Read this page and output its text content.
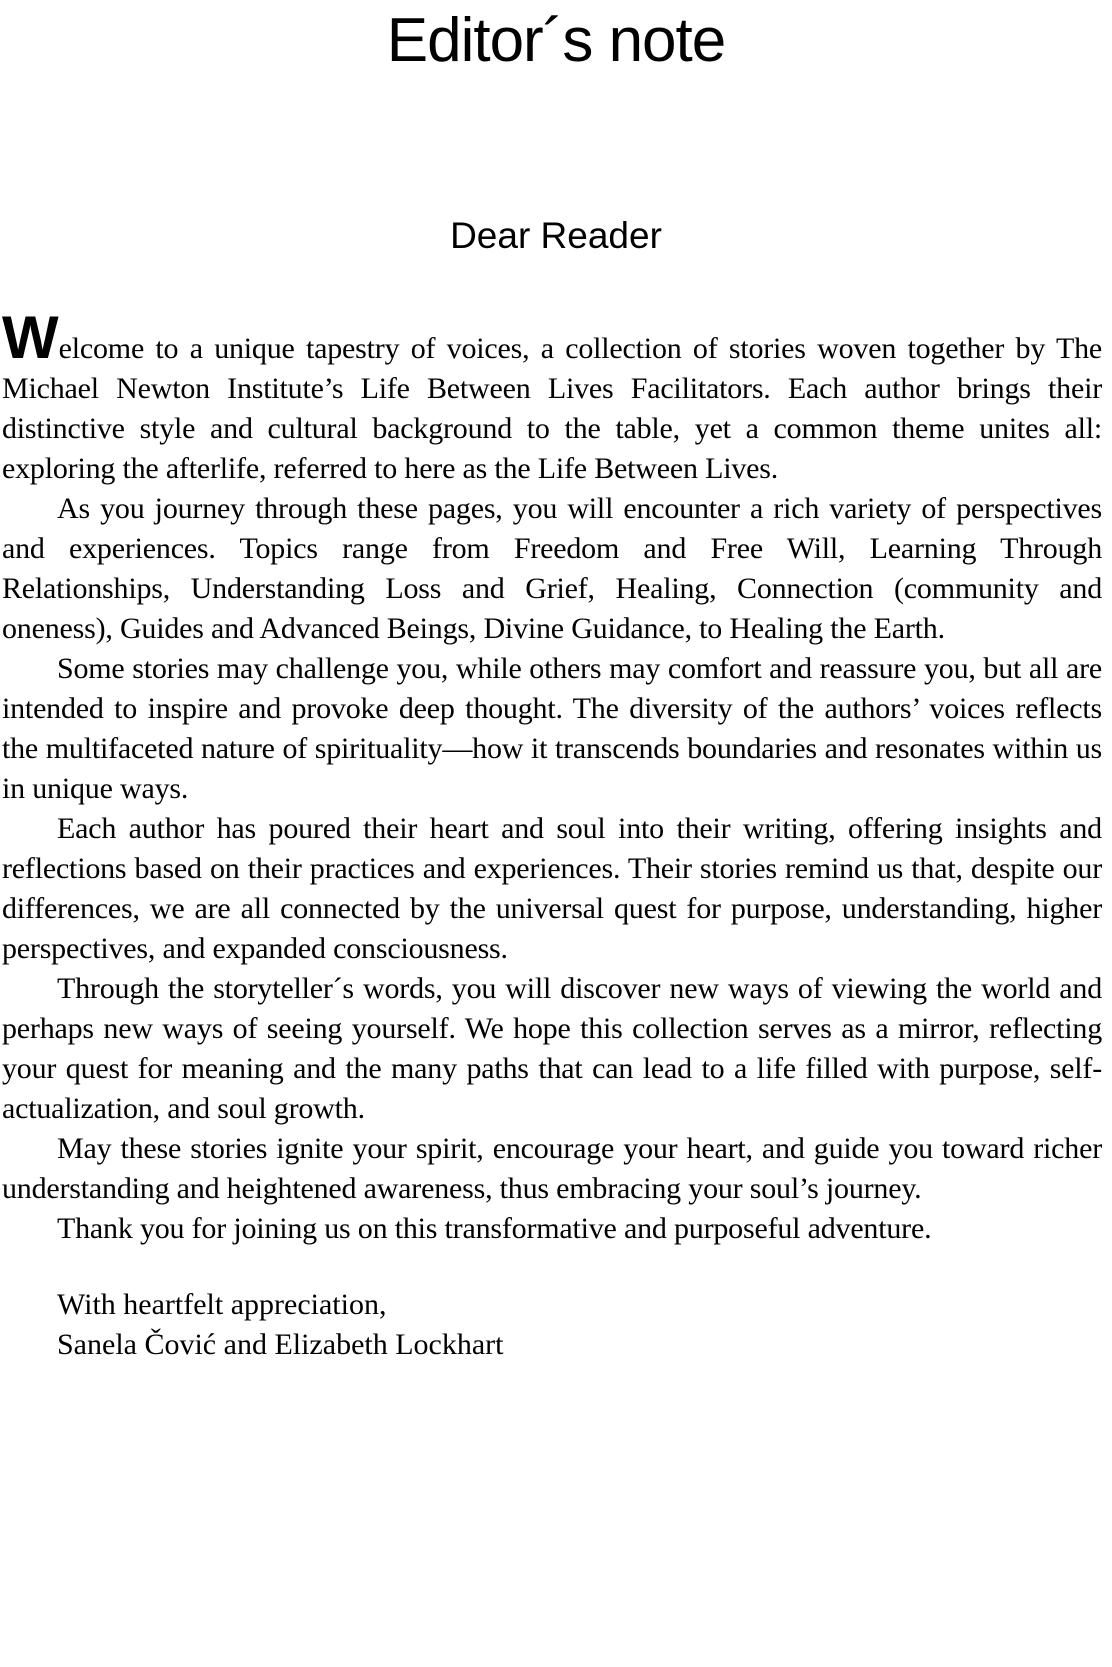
Editor´s note
Dear Reader

Welcome to a unique tapestry of voices, a collection of stories woven together by The Michael Newton Institute’s Life Between Lives Facilitators. Each author brings their distinctive style and cultural background to the table, yet a common theme unites all: exploring the afterlife, referred to here as the Life Between Lives.

As you journey through these pages, you will encounter a rich variety of perspectives and experiences. Topics range from Freedom and Free Will, Learning Through Relationships, Understanding Loss and Grief, Healing, Connection (community and oneness), Guides and Advanced Beings, Divine Guidance, to Healing the Earth.

Some stories may challenge you, while others may comfort and reassure you, but all are intended to inspire and provoke deep thought. The diversity of the authors’ voices reflects the multifaceted nature of spirituality—how it transcends boundaries and resonates within us in unique ways.

Each author has poured their heart and soul into their writing, offering insights and reflections based on their practices and experiences. Their stories remind us that, despite our differences, we are all connected by the universal quest for purpose, understanding, higher perspectives, and expanded consciousness.

Through the storyteller´s words, you will discover new ways of viewing the world and perhaps new ways of seeing yourself. We hope this collection serves as a mirror, reflecting your quest for meaning and the many paths that can lead to a life filled with purpose, self-actualization, and soul growth.

May these stories ignite your spirit, encourage your heart, and guide you toward richer understanding and heightened awareness, thus embracing your soul’s journey.

Thank you for joining us on this transformative and purposeful adventure.

With heartfelt appreciation,
Sanela Čović and Elizabeth Lockhart
